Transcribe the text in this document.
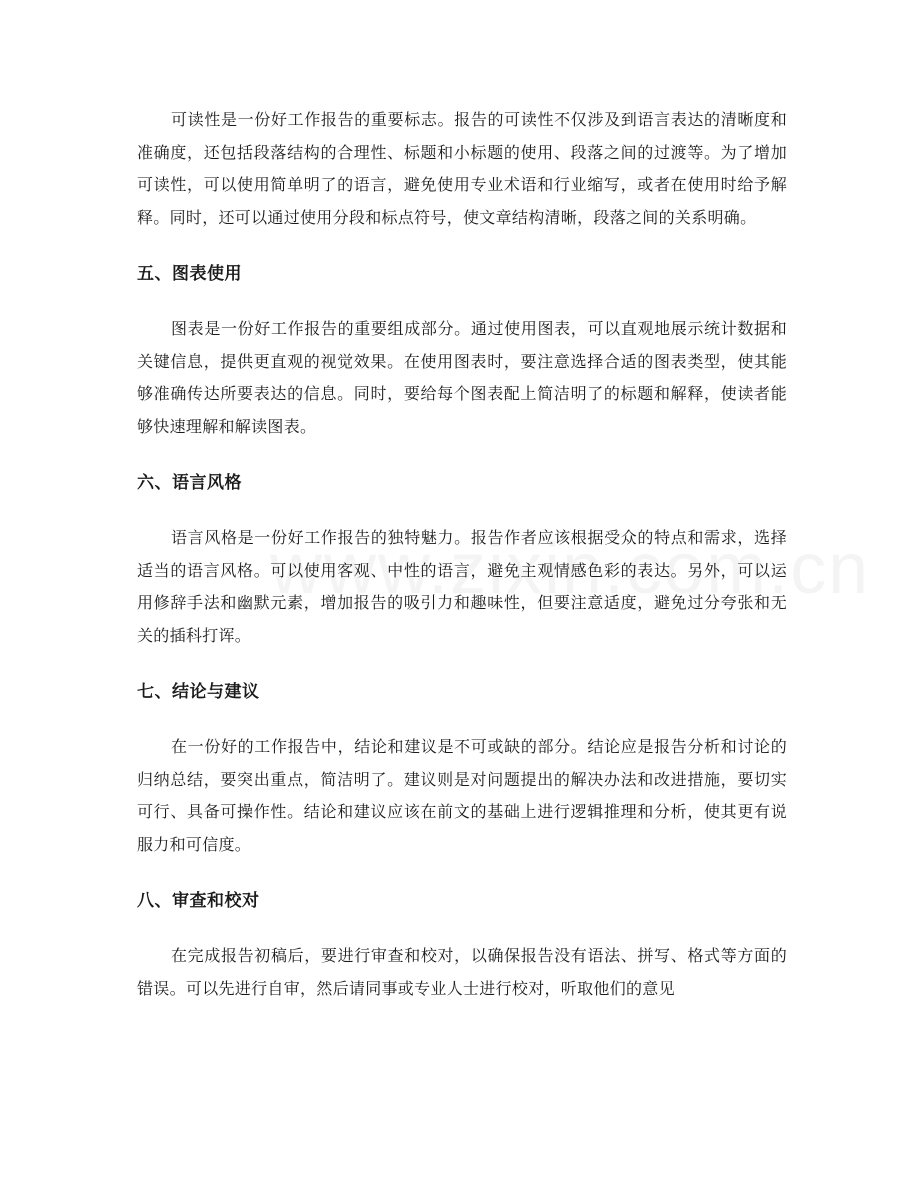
可读性是一份好工作报告的重要标志。报告的可读性不仅涉及到语言表达的清晰度和准确度，还包括段落结构的合理性、标题和小标题的使用、段落之间的过渡等。为了增加可读性，可以使用简单明了的语言，避免使用专业术语和行业缩写，或者在使用时给予解释。同时，还可以通过使用分段和标点符号，使文章结构清晰，段落之间的关系明确。

五、图表使用

图表是一份好工作报告的重要组成部分。通过使用图表，可以直观地展示统计数据和关键信息，提供更直观的视觉效果。在使用图表时，要注意选择合适的图表类型，使其能够准确传达所要表达的信息。同时，要给每个图表配上简洁明了的标题和解释，使读者能够快速理解和解读图表。

六、语言风格

语言风格是一份好工作报告的独特魅力。报告作者应该根据受众的特点和需求，选择适当的语言风格。可以使用客观、中性的语言，避免主观情感色彩的表达。另外，可以运用修辞手法和幽默元素，增加报告的吸引力和趣味性，但要注意适度，避免过分夸张和无关的插科打诨。

七、结论与建议

在一份好的工作报告中，结论和建议是不可或缺的部分。结论应是报告分析和讨论的归纳总结，要突出重点，简洁明了。建议则是对问题提出的解决办法和改进措施，要切实可行、具备可操作性。结论和建议应该在前文的基础上进行逻辑推理和分析，使其更有说服力和可信度。

八、审查和校对

在完成报告初稿后，要进行审查和校对，以确保报告没有语法、拼写、格式等方面的错误。可以先进行自审，然后请同事或专业人士进行校对，听取他们的意见
